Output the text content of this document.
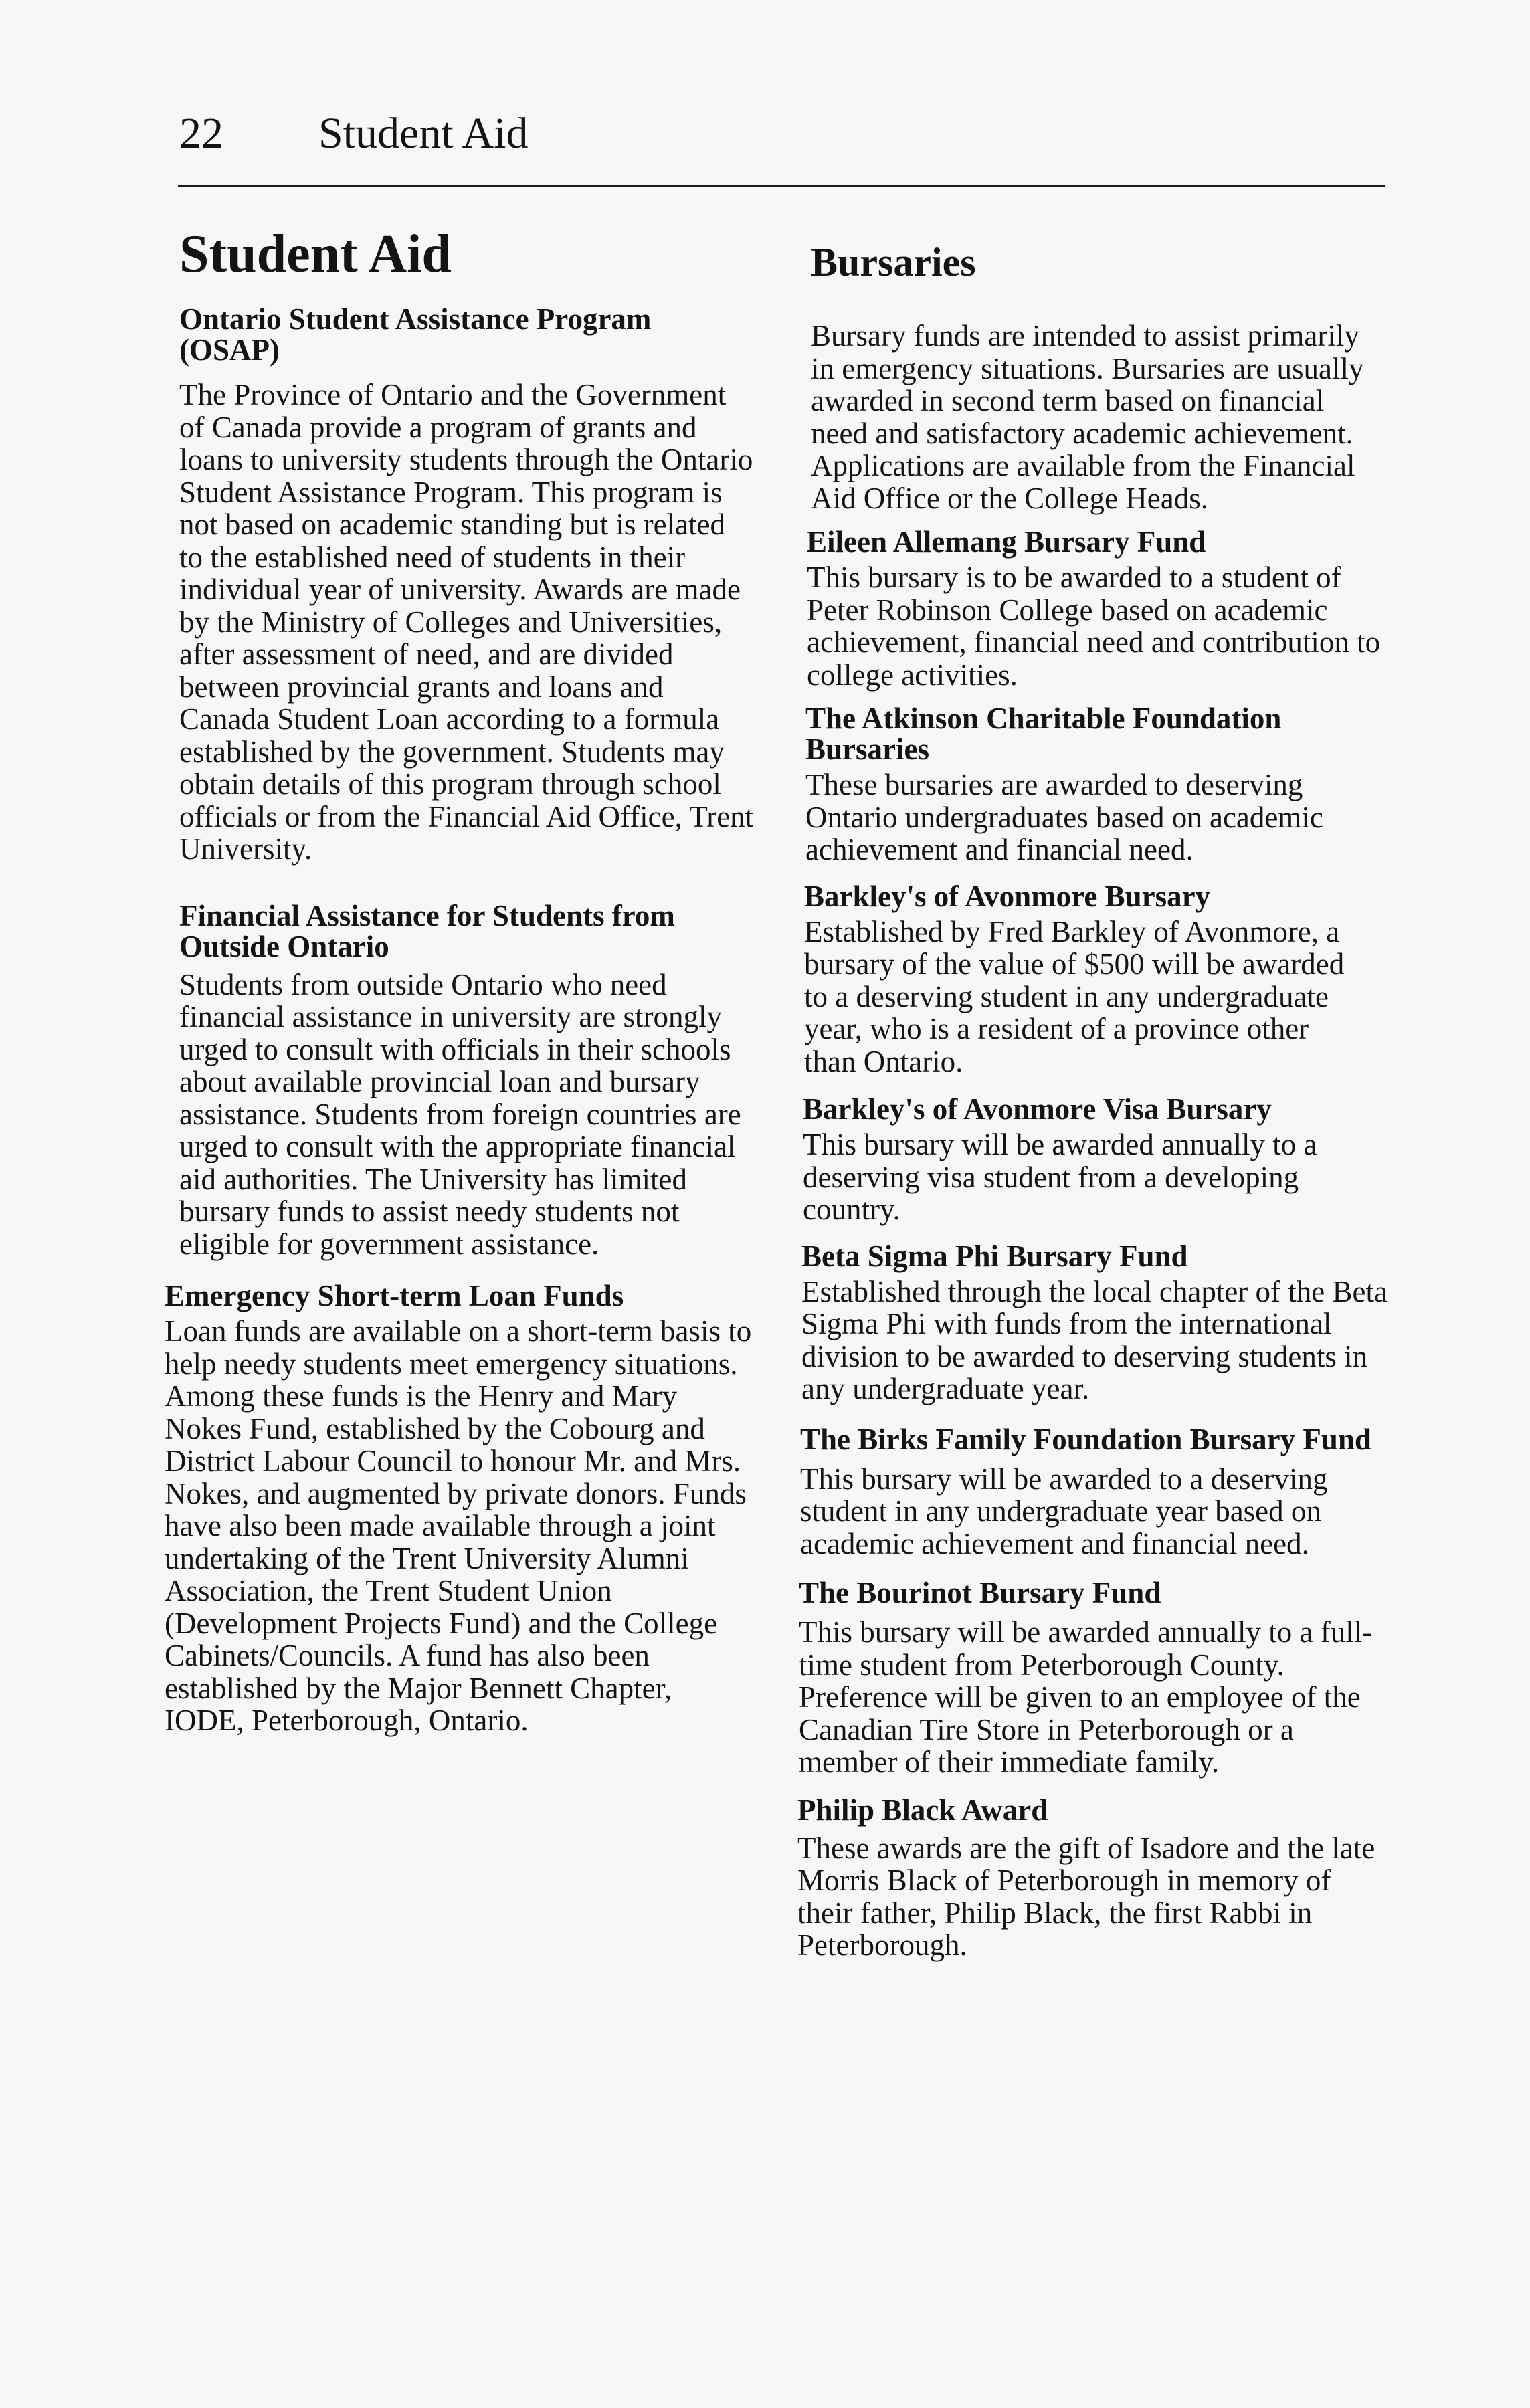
22 Student Aid
Student Aid
Ontario Student Assistance Program (OSAP)

The Province of Ontario and the Government of Canada provide a program of grants and loans to university students through the Ontario Student Assistance Program. This program is not based on academic standing but is related to the established need of students in their individual year of university. Awards are made by the Ministry of Colleges and Universities, after assessment of need, and are divided between provincial grants and loans and Canada Student Loan according to a formula established by the government. Students may obtain details of this program through school officials or from the Financial Aid Office, Trent University.

Financial Assistance for Students from Outside Ontario

Students from outside Ontario who need financial assistance in university are strongly urged to consult with officials in their schools about available provincial loan and bursary assistance. Students from foreign countries are urged to consult with the appropriate financial aid authorities. The University has limited bursary funds to assist needy students not eligible for government assistance.

Emergency Short-term Loan Funds

Loan funds are available on a short-term basis to help needy students meet emergency situations. Among these funds is the Henry and Mary Nokes Fund, established by the Cobourg and District Labour Council to honour Mr. and Mrs. Nokes, and augmented by private donors. Funds have also been made available through a joint undertaking of the Trent University Alumni Association, the Trent Student Union (Development Projects Fund) and the College Cabinets/Councils. A fund has also been established by the Major Bennett Chapter, IODE, Peterborough, Ontario.

Bursaries

Bursary funds are intended to assist primarily in emergency situations. Bursaries are usually awarded in second term based on financial need and satisfactory academic achievement. Applications are available from the Financial Aid Office or the College Heads.

Eileen Allemang Bursary Fund

This bursary is to be awarded to a student of Peter Robinson College based on academic achievement, financial need and contribution to college activities.

The Atkinson Charitable Foundation Bursaries

These bursaries are awarded to deserving Ontario undergraduates based on academic achievement and financial need.

Barkley's of Avonmore Bursary

Established by Fred Barkley of Avonmore, a bursary of the value of $500 will be awarded to a deserving student in any undergraduate year, who is a resident of a province other than Ontario.

Barkley's of Avonmore Visa Bursary

This bursary will be awarded annually to a deserving visa student from a developing country.

Beta Sigma Phi Bursary Fund

Established through the local chapter of the Beta Sigma Phi with funds from the international division to be awarded to deserving students in any undergraduate year.

The Birks Family Foundation Bursary Fund

This bursary will be awarded to a deserving student in any undergraduate year based on academic achievement and financial need.

The Bourinot Bursary Fund

This bursary will be awarded annually to a full-time student from Peterborough County. Preference will be given to an employee of the Canadian Tire Store in Peterborough or a member of their immediate family.

Philip Black Award

These awards are the gift of Isadore and the late Morris Black of Peterborough in memory of their father, Philip Black, the first Rabbi in Peterborough.
